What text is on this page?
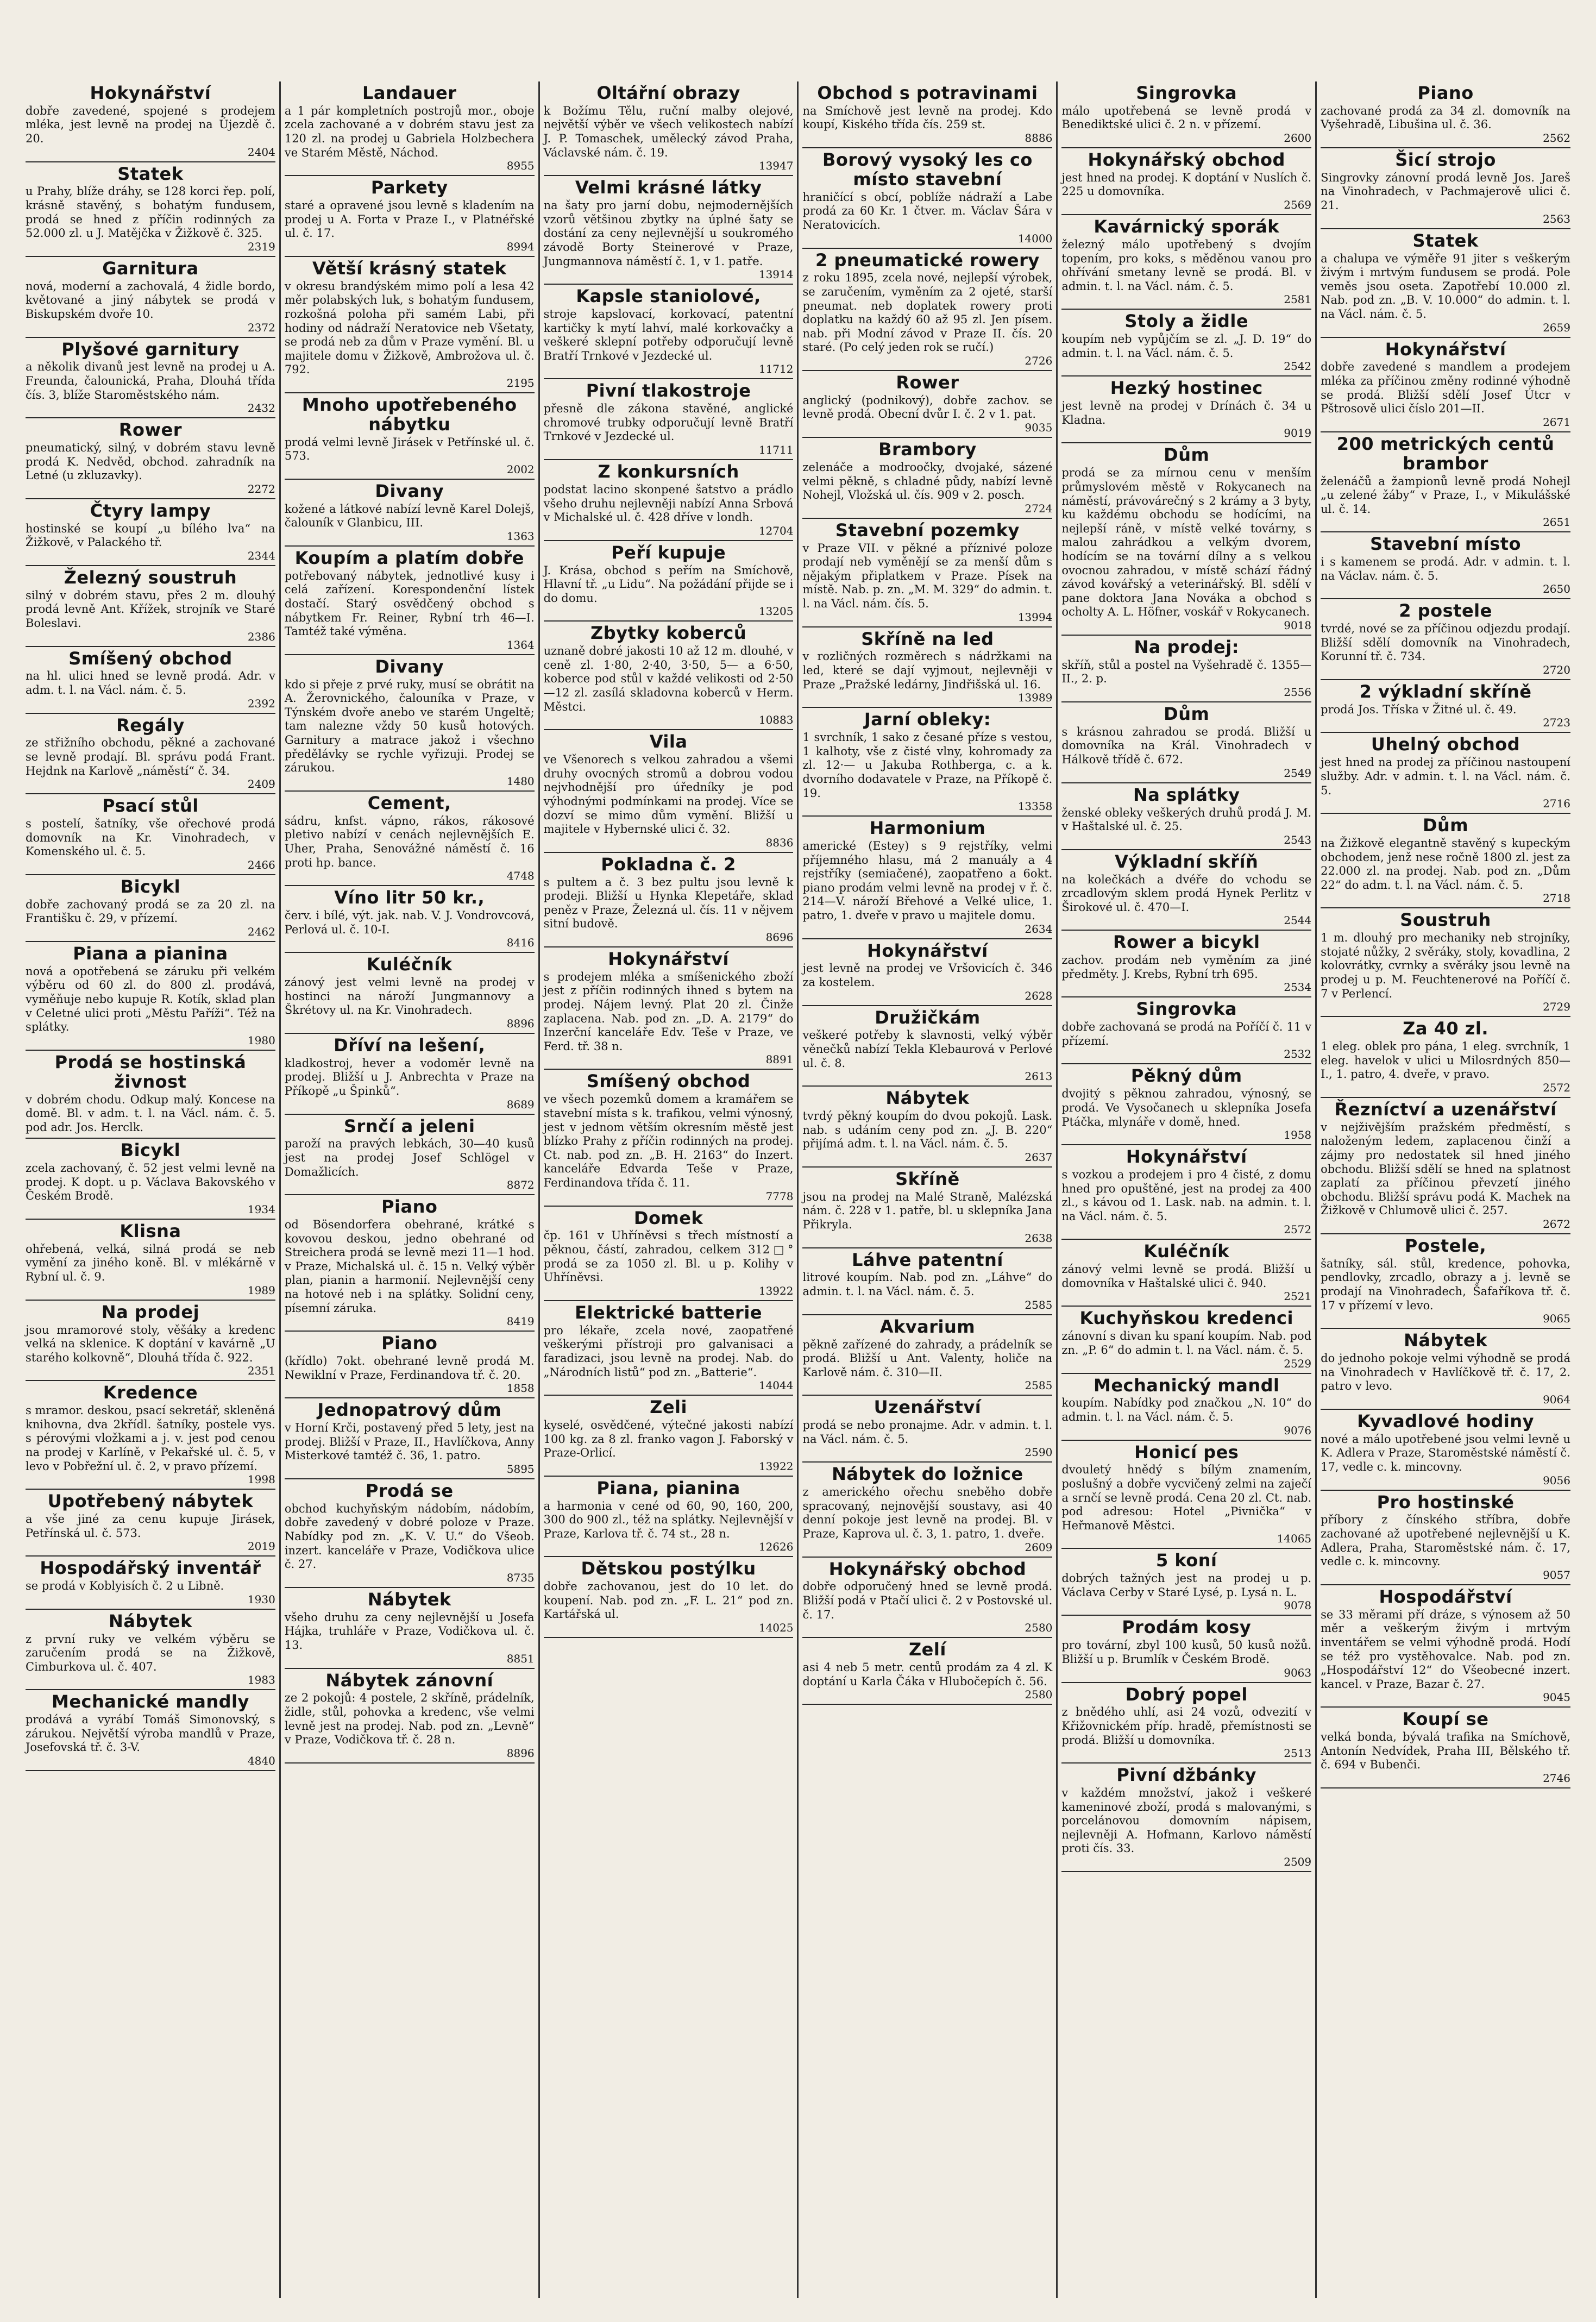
Hokynářství

dobře zavedené, spojené s prodejem mléka, jest levně na prodej na Újezdě č. 20.

2404
Statek

u Prahy, blíže dráhy, se 128 korci řep. polí, krásně stavěný, s bohatým fundusem, prodá se hned z příčin rodinných za 52.000 zl. u J. Matějčka v Žižkově č. 325.

2319
Garnitura

nová, moderní a zachovalá, 4 židle bordo, květované a jiný nábytek se prodá v Biskupském dvoře 10.

2372
Plyšové garnitury

a několik divanů jest levně na prodej u A. Freunda, čalounická, Praha, Dlouhá třída čís. 3, blíže Staroměstského nám.

2432
Rower

pneumatický, silný, v dobrém stavu levně prodá K. Nedvěd, obchod. zahradník na Letné (u zkluzavky).

2272
Čtyry lampy

hostinské se koupí „u bílého lva“ na Žižkově, v Palackého tř.

2344
Železný soustruh

silný v dobrém stavu, přes 2 m. dlouhý prodá levně Ant. Křížek, strojník ve Staré Boleslavi.

2386
Smíšený obchod

na hl. ulici hned se levně prodá. Adr. v adm. t. l. na Václ. nám. č. 5.

2392
Regály

ze střižního obchodu, pěkné a zachované se levně prodají. Bl. správu podá Frant. Hejdnk na Karlově „náměstí“ č. 34.

2409
Psací stůl

s postelí, šatníky, vše ořechové prodá domovník na Kr. Vinohradech, v Komenského ul. č. 5.

2466
Bicykl

dobře zachovaný prodá se za 20 zl. na Františku č. 29, v přízemí.

2462
Piana a pianina

nová a opotřebená se záruku při velkém výběru od 60 zl. do 800 zl. prodává, vyměňuje nebo kupuje R. Kotík, sklad plan v Celetné ulici proti „Městu Paříži“. Též na splátky.

1980
Prodá se hostinská živnost

v dobrém chodu. Odkup malý. Koncese na domě. Bl. v adm. t. l. na Václ. nám. č. 5. pod adr. Jos. Herclk.

Bicykl

zcela zachovaný, č. 52 jest velmi levně na prodej. K dopt. u p. Václava Bakovského v Českém Brodě.

1934
Klisna

ohřebená, velká, silná prodá se neb vymění za jiného koně. Bl. v mlékárně v Rybní ul. č. 9.

1989
Na prodej

jsou mramorové stoly, věšáky a kredenc velká na sklenice. K doptání v kavárně „U starého kolkovně“, Dlouhá třída č. 922.

2351
Kredence

s mramor. deskou, psací sekretář, skleněná knihovna, dva 2křídl. šatníky, postele vys. s pérovými vložkami a j. v. jest pod cenou na prodej v Karlíně, v Pekařské ul. č. 5, v levo v Pobřežní ul. č. 2, v pravo přízemí.

1998
Upotřebený nábytek

a vše jiné za cenu kupuje Jirásek, Petřínská ul. č. 573.

2019
Hospodářský inventář

se prodá v Koblyisích č. 2 u Libně.

1930
Nábytek

z první ruky ve velkém výběru se zaručením prodá se na Žižkově, Cimburkova ul. č. 407.

1983
Mechanické mandly

prodává a vyrábí Tomáš Simonovský, s zárukou. Největší výroba mandlů v Praze, Josefovská tř. č. 3-V.

4840
Landauer

a 1 pár kompletních postrojů mor., oboje zcela zachované a v dobrém stavu jest za 120 zl. na prodej u Gabriela Holzbechera ve Starém Městě, Náchod.

8955
Parkety

staré a opravené jsou levně s kladením na prodej u A. Forta v Praze I., v Platnéřské ul. č. 17.

8994
Větší krásný statek

v okresu brandýském mimo polí a lesa 42 měr polabských luk, s bohatým fundusem, rozkošná poloha při samém Labi, při hodiny od nádraží Neratovice neb Všetaty, se prodá neb za dům v Praze vymění. Bl. u majitele domu v Žižkově, Ambrožova ul. č. 792.

2195
Mnoho upotřebeného nábytku

prodá velmi levně Jirásek v Petřínské ul. č. 573.

2002
Divany

kožené a látkové nabízí levně Karel Dolejš, čalouník v Glanbicu, III.

1363
Koupím a platím dobře

potřebovaný nábytek, jednotlivé kusy i celá zařízení. Korespondenční lístek dostačí. Starý osvědčený obchod s nábytkem Fr. Reiner, Rybní trh 46—I. Tamtéž také výměna.

1364
Divany

kdo si přeje z prvé ruky, musí se obrátit na A. Žerovnického, čalouníka v Praze, v Týnském dvoře anebo ve starém Ungeltě; tam nalezne vždy 50 kusů hotových. Garnitury a matrace jakož i všechno předělávky se rychle vyřizuji. Prodej se zárukou.

1480
Cement,

sádru, knfst. vápno, rákos, rákosové pletivo nabízí v cenách nejlevnějších E. Uher, Praha, Senovážné náměstí č. 16 proti hp. bance.

4748
Víno litr 50 kr.,

červ. i bílé, výt. jak. nab. V. J. Vondrovcová, Perlová ul. č. 10-I.

8416
Kuléčník

zánový jest velmi levně na prodej v hostinci na nároží Jungmannovy a Škrétovy ul. na Kr. Vinohradech.

8896
Dříví na lešení,

kladkostroj, hever a vodoměr levně na prodej. Bližší u J. Anbrechta v Praze na Příkopě „u Špinků“.

8689
Srnčí a jeleni

paroží na pravých lebkách, 30—40 kusů jest na prodej Josef Schlögel v Domažlicích.

8872
Piano

od Bösendorfera obehrané, krátké s kovovou deskou, jedno obehrané od Streichera prodá se levně mezi 11—1 hod. v Praze, Michalská ul. č. 15 n. Velký výběr plan, pianin a harmonií. Nejlevnější ceny na hotové neb i na splátky. Solidní ceny, písemní záruka.

8419
Piano

(křídlo) 7okt. obehrané levně prodá M. Newiklní v Praze, Ferdinandova tř. č. 20.

1858
Jednopatrový dům

v Horní Krči, postavený před 5 lety, jest na prodej. Bližší v Praze, II., Havlíčkova, Anny Misterkové tamtéž č. 36, 1. patro.

5895
Prodá se

obchod kuchyňským nádobím, nádobím, dobře zavedený v dobré poloze v Praze. Nabídky pod zn. „K. V. U.“ do Všeob. inzert. kanceláře v Praze, Vodičkova ulice č. 27.

8735
Nábytek

všeho druhu za ceny nejlevnější u Josefa Hájka, truhláře v Praze, Vodičkova ul. č. 13.

8851
Nábytek zánovní

ze 2 pokojů: 4 postele, 2 skříně, prádelník, židle, stůl, pohovka a kredenc, vše velmi levně jest na prodej. Nab. pod zn. „Levně“ v Praze, Vodičkova tř. č. 28 n.

8896
Oltářní obrazy

k Božímu Tělu, ruční malby olejové, největší výběr ve všech velikostech nabízí J. P. Tomaschek, umělecký závod Praha, Václavské nám. č. 19.

13947
Velmi krásné látky

na šaty pro jarní dobu, nejmodernějších vzorů většinou zbytky na úplné šaty se dostání za ceny nejlevnější u soukromého závodě Borty Steinerové v Praze, Jungmannova náměstí č. 1, v 1. patře.

13914
Kapsle staniolové,

stroje kapslovací, korkovací, patentní kartičky k mytí lahví, malé korkovačky a veškeré sklepní potřeby odporučují levně Bratří Trnkové v Jezdecké ul.

11712
Pivní tlakostroje

přesně dle zákona stavěné, anglické chromové trubky odporučují levně Bratří Trnkové v Jezdecké ul.

11711
Z konkursních

podstat lacino skonpené šatstvo a prádlo všeho druhu nejlevněji nabízí Anna Srbová v Michalské ul. č. 428 dříve v londh.

12704
Peří kupuje

J. Krása, obchod s peřím na Smíchově, Hlavní tř. „u Lidu“. Na požádání přijde se i do domu.

13205
Zbytky koberců

uznaně dobré jakosti 10 až 12 m. dlouhé, v ceně zl. 1·80, 2·40, 3·50, 5— a 6·50, koberce pod stůl v každé velikosti od 2·50—12 zl. zasílá skladovna koberců v Herm. Městci.

10883
Vila

ve Všenorech s velkou zahradou a všemi druhy ovocných stromů a dobrou vodou nejvhodnější pro úředníky je pod výhodnými podmínkami na prodej. Více se dozví se mimo dům vymění. Bližší u majitele v Hybernské ulici č. 32.

8836
Pokladna č. 2

s pultem a č. 3 bez pultu jsou levně k prodeji. Bližší u Hynka Klepetáře, sklad peněz v Praze, Železná ul. čís. 11 v nějvem sitní budově.

8696
Hokynářství

s prodejem mléka a smíšenického zboží jest z příčin rodinných ihned s bytem na prodej. Nájem levný. Plat 20 zl. Činže zaplacena. Nab. pod zn. „D. A. 2179“ do Inzerční kanceláře Edv. Teše v Praze, ve Ferd. tř. 38 n.

8891
Smíšený obchod

ve všech pozemků domem a kramářem se stavební místa s k. trafikou, velmi výnosný, jest v jednom větším okresním městě jest blízko Prahy z příčin rodinných na prodej. Ct. nab. pod zn. „B. H. 2163“ do Inzert. kanceláře Edvarda Teše v Praze, Ferdinandova třída č. 11.

7778
Domek

čp. 161 v Uhříněvsi s třech místností a pěknou, částí, zahradou, celkem 312□° prodá se za 1050 zl. Bl. u p. Kolihy v Uhříněvsi.

13922
Elektrické batterie

pro lékaře, zcela nové, zaopatřené veškerými přístroji pro galvanisaci a faradizaci, jsou levně na prodej. Nab. do „Národních listů“ pod zn. „Batterie“.

14044
Zeli

kyselé, osvědčené, výtečné jakosti nabízí 100 kg. za 8 zl. franko vagon J. Faborský v Praze-Orlicí.

13922
Piana, pianina

a harmonia v cené od 60, 90, 160, 200, 300 do 900 zl., též na splátky. Nejlevnější v Praze, Karlova tř. č. 74 st., 28 n.

12626
Dětskou postýlku

dobře zachovanou, jest do 10 let. do koupení. Nab. pod zn. „F. L. 21“ pod zn. Kartářská ul.

14025
Obchod s potravinami

na Smíchově jest levně na prodej. Kdo koupí, Kiského třída čís. 259 st.

8886
Borový vysoký les co místo stavební

hraničící s obcí, poblíže nádraží a Labe prodá za 60 Kr. 1 čtver. m. Václav Šára v Neratovicích.

14000
2 pneumatické rowery

z roku 1895, zcela nové, nejlepší výrobek, se zaručením, vyměním za 2 ojeté, starší pneumat. neb doplatek rowery proti doplatku na každý 60 až 95 zl. Jen písem. nab. při Modní závod v Praze II. čís. 20 staré. (Po celý jeden rok se ručí.)

2726
Rower

anglický (podnikový), dobře zachov. se levně prodá. Obecní dvůr I. č. 2 v 1. pat.

9035
Brambory

zelenáče a modroočky, dvojaké, sázené velmi pěkně, s chladné půdy, nabízí levně Nohejl, Vložská ul. čís. 909 v 2. posch.

2724
Stavební pozemky

v Praze VII. v pěkné a příznivé poloze prodají neb vyměnějí se za menší dům s nějakým připlatkem v Praze. Písek na místě. Nab. p. zn. „M. M. 329“ do admin. t. l. na Václ. nám. čís. 5.

13994
Skříně na led

v rozličných rozměrech s nádržkami na led, které se dají vyjmout, nejlevněji v Praze „Pražské ledárny, Jindřišská ul. 16.

13989
Jarní obleky:

1 svrchník, 1 sako z česané příze s vestou, 1 kalhoty, vše z čisté vlny, kohromady za zl. 12·— u Jakuba Rothberga, c. a k. dvorního dodavatele v Praze, na Příkopě č. 19.

13358
Harmonium

americké (Estey) s 9 rejstříky, velmi příjemného hlasu, má 2 manuály a 4 rejstříky (semiačené), zaopatřeno a 6okt. piano prodám velmi levně na prodej v ř. č. 214—V. nároží Břehové a Velké ulice, 1. patro, 1. dveře v pravo u majitele domu.

2634
Hokynářství

jest levně na prodej ve Vršovicích č. 346 za kostelem.

2628
Družičkám

veškeré potřeby k slavnosti, velký výběr věnečků nabízí Tekla Klebaurová v Perlové ul. č. 8.

2613
Nábytek

tvrdý pěkný koupím do dvou pokojů. Lask. nab. s udáním ceny pod zn. „J. B. 220“ přijímá adm. t. l. na Václ. nám. č. 5.

2637
Skříně

jsou na prodej na Malé Straně, Malézská nám. č. 228 v 1. patře, bl. u sklepníka Jana Přikryla.

2638
Láhve patentní

litrové koupím. Nab. pod zn. „Láhve“ do admin. t. l. na Václ. nám. č. 5.

2585
Akvarium

pěkně zařízené do zahrady, a prádelník se prodá. Bližší u Ant. Valenty, holiče na Karlově nám. č. 310—II.

2585
Uzenářství

prodá se nebo pronajme. Adr. v admin. t. l. na Václ. nám. č. 5.

2590
Nábytek do ložnice

z amerického ořechu sneběho dobře spracovaný, nejnovější soustavy, asi 40 denní pokoje jest levně na prodej. Bl. v Praze, Kaprova ul. č. 3, 1. patro, 1. dveře.

2609
Hokynářský obchod

dobře odporučený hned se levně prodá. Bližší podá v Ptačí ulici č. 2 v Postovské ul. č. 17.

2580
Zelí

asi 4 neb 5 metr. centů prodám za 4 zl. K doptání u Karla Čáka v Hlubočepích č. 56.

2580
Singrovka

málo upotřebená se levně prodá v Benediktské ulici č. 2 n. v přízemí.

2600
Hokynářský obchod

jest hned na prodej. K doptání v Nuslích č. 225 u domovníka.

2569
Kavárnický sporák

železný málo upotřebený s dvojím topením, pro koks, s měděnou vanou pro ohřívání smetany levně se prodá. Bl. v admin. t. l. na Václ. nám. č. 5.

2581
Stoly a židle

koupím neb vypůjčím se zl. „J. D. 19“ do admin. t. l. na Václ. nám. č. 5.

2542
Hezký hostinec

jest levně na prodej v Drínách č. 34 u Kladna.

9019
Dům

prodá se za mírnou cenu v menším průmyslovém městě v Rokycanech na náměstí, právovárečný s 2 krámy a 3 byty, ku každému obchodu se hodícími, na nejlepší ráně, v místě velké továrny, s malou zahrádkou a velkým dvorem, hodícím se na tovární dílny a s velkou ovocnou zahradou, v místě schází řádný závod kovářský a veterinářský. Bl. sdělí v pane doktora Jana Nováka a obchod s ocholty A. L. Höfner, voskář v Rokycanech.

9018
Na prodej:

skříň, stůl a postel na Vyšehradě č. 1355—II., 2. p.

2556
Dům

s krásnou zahradou se prodá. Bližší u domovníka na Král. Vinohradech v Hálkově třídě č. 672.

2549
Na splátky

ženské obleky veškerých druhů prodá J. M. v Haštalské ul. č. 25.

2543
Výkladní skříň

na kolečkách a dvéře do vchodu se zrcadlovým sklem prodá Hynek Perlitz v Širokové ul. č. 470—I.

2544
Rower a bicykl

zachov. prodám neb vyměním za jiné předměty. J. Krebs, Rybní trh 695.

2534
Singrovka

dobře zachovaná se prodá na Poříčí č. 11 v přízemí.

2532
Pěkný dům

dvojitý s pěknou zahradou, výnosný, se prodá. Ve Vysočanech u sklepníka Josefa Ptáčka, mlynáře v domě, hned.

1958
Hokynářství

s vozkou a prodejem i pro 4 čisté, z domu hned pro opuštěné, jest na prodej za 400 zl., s kávou od 1. Lask. nab. na admin. t. l. na Václ. nám. č. 5.

2572
Kuléčník

zánový velmi levně se prodá. Bližší u domovníka v Haštalské ulici č. 940.

2521
Kuchyňskou kredenci

zánovní s divan ku spaní koupím. Nab. pod zn. „P. 6“ do admin t. l. na Václ. nám. č. 5.

2529
Mechanický mandl

koupím. Nabídky pod značkou „N. 10“ do admin. t. l. na Václ. nám. č. 5.

9076
Honicí pes

dvouletý hnědý s bílým znamením, poslušný a dobře vycvičený zelmi na zaječí a srnčí se levně prodá. Cena 20 zl. Ct. nab. pod adresou: Hotel „Pivnička“ v Heřmanově Městci.

14065
5 koní

dobrých tažných jest na prodej u p. Václava Cerby v Staré Lysé, p. Lysá n. L.

9078
Prodám kosy

pro tovární, zbyl 100 kusů, 50 kusů nožů. Bližší u p. Brumlík v Českém Brodě.

9063
Dobrý popel

z bnědého uhlí, asi 24 vozů, odvezití v Křižovnickém příp. hradě, přemístnosti se prodá. Bližší u domovníka.

2513
Pivní džbánky

v každém množství, jakož i veškeré kameninové zboží, prodá s malovanými, s porcelánovou domovním nápisem, nejlevněji A. Hofmann, Karlovo náměstí proti čís. 33.

2509
Piano

zachované prodá za 34 zl. domovník na Vyšehradě, Libušina ul. č. 36.

2562
Šicí strojo

Singrovky zánovní prodá levně Jos. Jareš na Vinohradech, v Pachmajerově ulici č. 21.

2563
Statek

a chalupa ve výměře 91 jiter s veškerým živým i mrtvým fundusem se prodá. Pole veměs jsou oseta. Zapotřebí 10.000 zl. Nab. pod zn. „B. V. 10.000“ do admin. t. l. na Václ. nám. č. 5.

2659
Hokynářství

dobře zavedené s mandlem a prodejem mléka za příčinou změny rodinné výhodně se prodá. Bližší sdělí Josef Útcr v Pštrosově ulici číslo 201—II.

2671
200 metrických centů brambor

želenáčů a žampionů levně prodá Nohejl „u zelené žáby“ v Praze, I., v Mikulášské ul. č. 14.

2651
Stavební místo

i s kamenem se prodá. Adr. v admin. t. l. na Václav. nám. č. 5.

2650
2 postele

tvrdé, nové se za příčinou odjezdu prodají. Bližší sdělí domovník na Vinohradech, Korunní tř. č. 734.

2720
2 výkladní skříně

prodá Jos. Tříska v Žitné ul. č. 49.

2723
Uhelný obchod

jest hned na prodej za příčinou nastoupení služby. Adr. v admin. t. l. na Václ. nám. č. 5.

2716
Dům

na Žižkově elegantně stavěný s kupeckým obchodem, jenž nese ročně 1800 zl. jest za 22.000 zl. na prodej. Nab. pod zn. „Dům 22“ do adm. t. l. na Václ. nám. č. 5.

2718
Soustruh

1 m. dlouhý pro mechaniky neb strojníky, stojaté nůžky, 2 svěráky, stoly, kovadlina, 2 kolovrátky, cvrnky a svěráky jsou levně na prodej u p. M. Feuchtenerové na Poříčí č. 7 v Perlencí.

2729
Za 40 zl.

1 eleg. oblek pro pána, 1 eleg. svrchník, 1 eleg. havelok v ulici u Milosrdných 850—I., 1. patro, 4. dveře, v pravo.

2572
Řezníctví a uzenářství

v nejživějším pražském předměstí, s naloženým ledem, zaplacenou činží a zájmy pro nedostatek sil hned jiného obchodu. Bližší sdělí se hned na splatnost zaplatí za příčinou převzetí jiného obchodu. Bližší správu podá K. Machek na Žižkově v Chlumově ulici č. 257.

2672
Postele,

šatníky, sál. stůl, kredence, pohovka, pendlovky, zrcadlo, obrazy a j. levně se prodají na Vinohradech, Šafaříkova tř. č. 17 v přízemí v levo.

9065
Nábytek

do jednoho pokoje velmi výhodně se prodá na Vinohradech v Havlíčkově tř. č. 17, 2. patro v levo.

9064
Kyvadlové hodiny

nové a málo upotřebené jsou velmi levně u K. Adlera v Praze, Staroměstské náměstí č. 17, vedle c. k. mincovny.

9056
Pro hostinské

příbory z čínského stříbra, dobře zachované až upotřebené nejlevnější u K. Adlera, Praha, Staroměstské nám. č. 17, vedle c. k. mincovny.

9057
Hospodářství

se 33 měrami pří dráze, s výnosem až 50 měr a veškerým živým i mrtvým inventářem se velmi výhodně prodá. Hodí se též pro vystěhovalce. Nab. pod zn. „Hospodářství 12“ do Všeobecné inzert. kancel. v Praze, Bazar č. 27.

9045
Koupí se

velká bonda, bývalá trafika na Smíchově, Antonín Nedvídek, Praha III, Bělského tř. č. 694 v Bubenči.

2746
